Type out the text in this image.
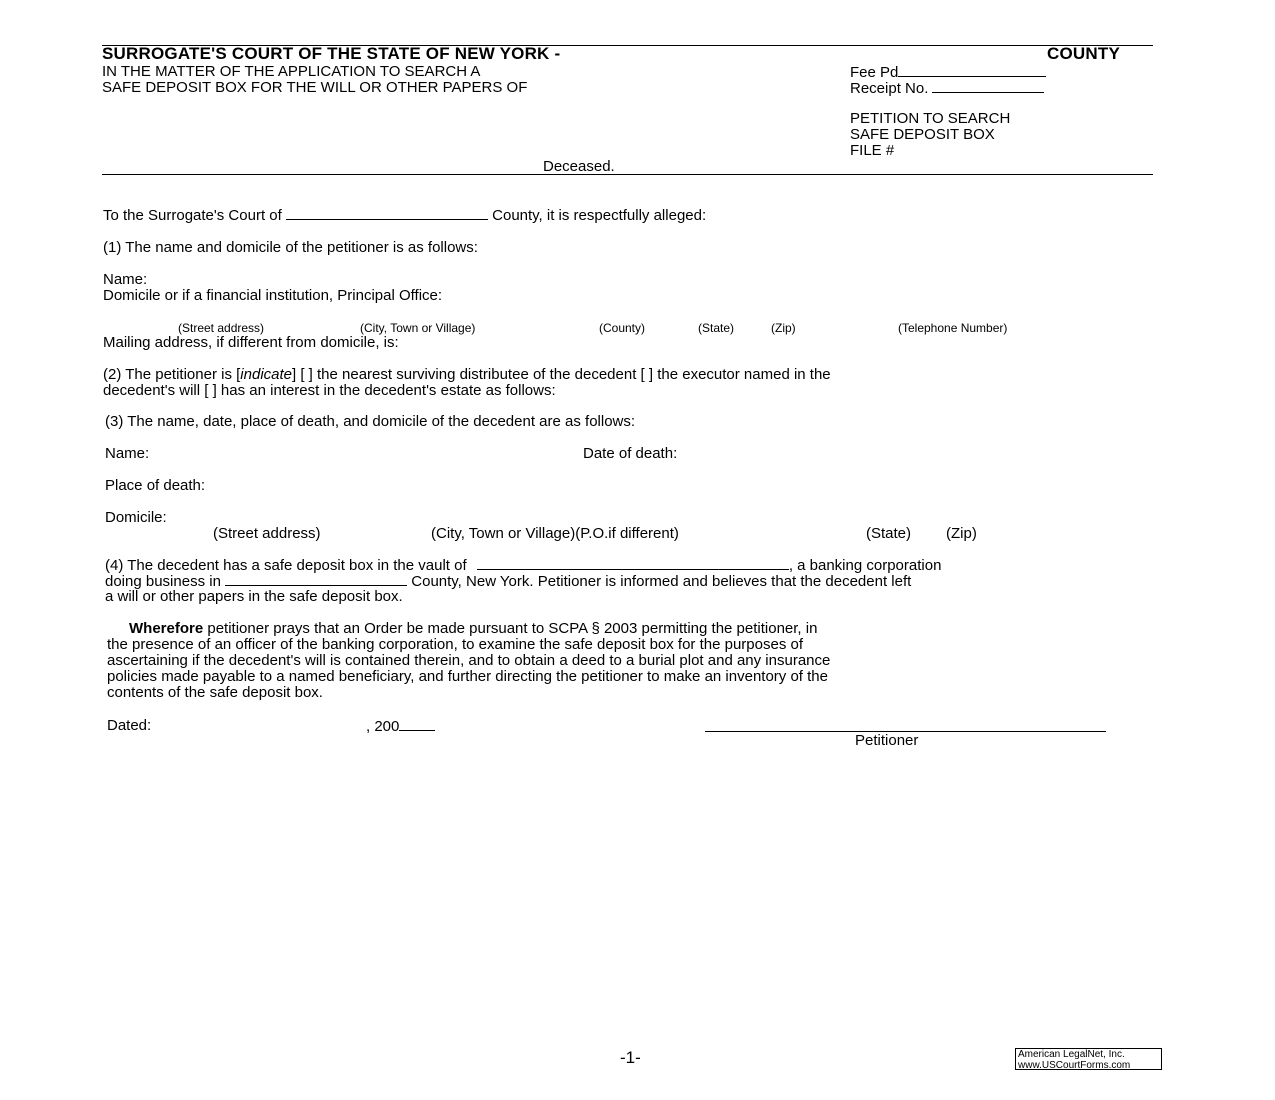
SURROGATE'S COURT OF THE STATE OF NEW YORK -	COUNTY
IN THE MATTER OF THE APPLICATION TO SEARCH A
SAFE DEPOSIT BOX FOR THE WILL OR OTHER PAPERS OF
Fee Pd
Receipt No.
PETITION TO SEARCH
SAFE DEPOSIT BOX
FILE #
Deceased.
To the Surrogate's Court of	County, it is respectfully alleged:
(1) The name and domicile of the petitioner is as follows:
Name:
Domicile or if a financial institution, Principal Office:
(Street address)	(City, Town or Village)	(County)	(State)	(Zip)	(Telephone Number)
Mailing address, if different from domicile, is:
(2) The petitioner is [indicate] [ ] the nearest surviving distributee of the decedent [ ] the executor named in the
decedent's will [ ] has an interest in the decedent's estate as follows:
(3) The name, date, place of death, and domicile of the decedent are as follows:
Name:	Date of death:
Place of death:
Domicile:
(Street address)	(City, Town or Village)(P.O.if different)	(State) (Zip)
(4) The decedent has a safe deposit box in the vault of	, a banking corporation
doing business in	County, New York. Petitioner is informed and believes that the decedent left
a will or other papers in the safe deposit box.
Wherefore petitioner prays that an Order be made pursuant to SCPA § 2003 permitting the petitioner, in
the presence of an officer of the banking corporation, to examine the safe deposit box for the purposes of
ascertaining if the decedent's will is contained therein, and to obtain a deed to a burial plot and any insurance
policies made payable to a named beneficiary, and further directing the petitioner to make an inventory of the
contents of the safe deposit box.
Dated:	, 200
Petitioner
-1-	American LegalNet, Inc.
www.USCourtForms.com
